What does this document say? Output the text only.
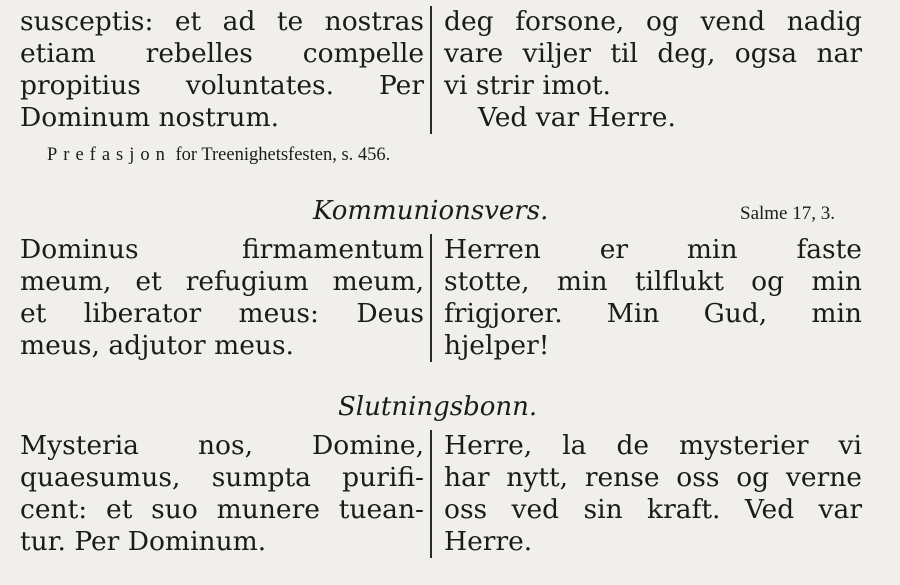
susceptis: et ad te nostras
etiam rebelles compelle
propitius voluntates. Per
Dominum nostrum.
deg forsone, og vend nadig
vare viljer til deg, ogsa nar
vi strir imot.
Ved var Herre.
Prefasjon for Treenighetsfesten, s. 456.
Kommunionsvers.	Salme 17, 3.
Dominus firmamentum
meum, et refugium meum,
et liberator meus: Deus
meus, adjutor meus.
Herren er min faste
stotte, min tilflukt og min
frigjorer. Min Gud, min
hjelper!
Slutningsbonn.
Mysteria nos, Domine,
quaesumus, sumpta purifi-
cent: et suo munere tuean-
tur. Per Dominum.
Herre, la de mysterier vi
har nytt, rense oss og verne
oss ved sin kraft. Ved var
Herre.
